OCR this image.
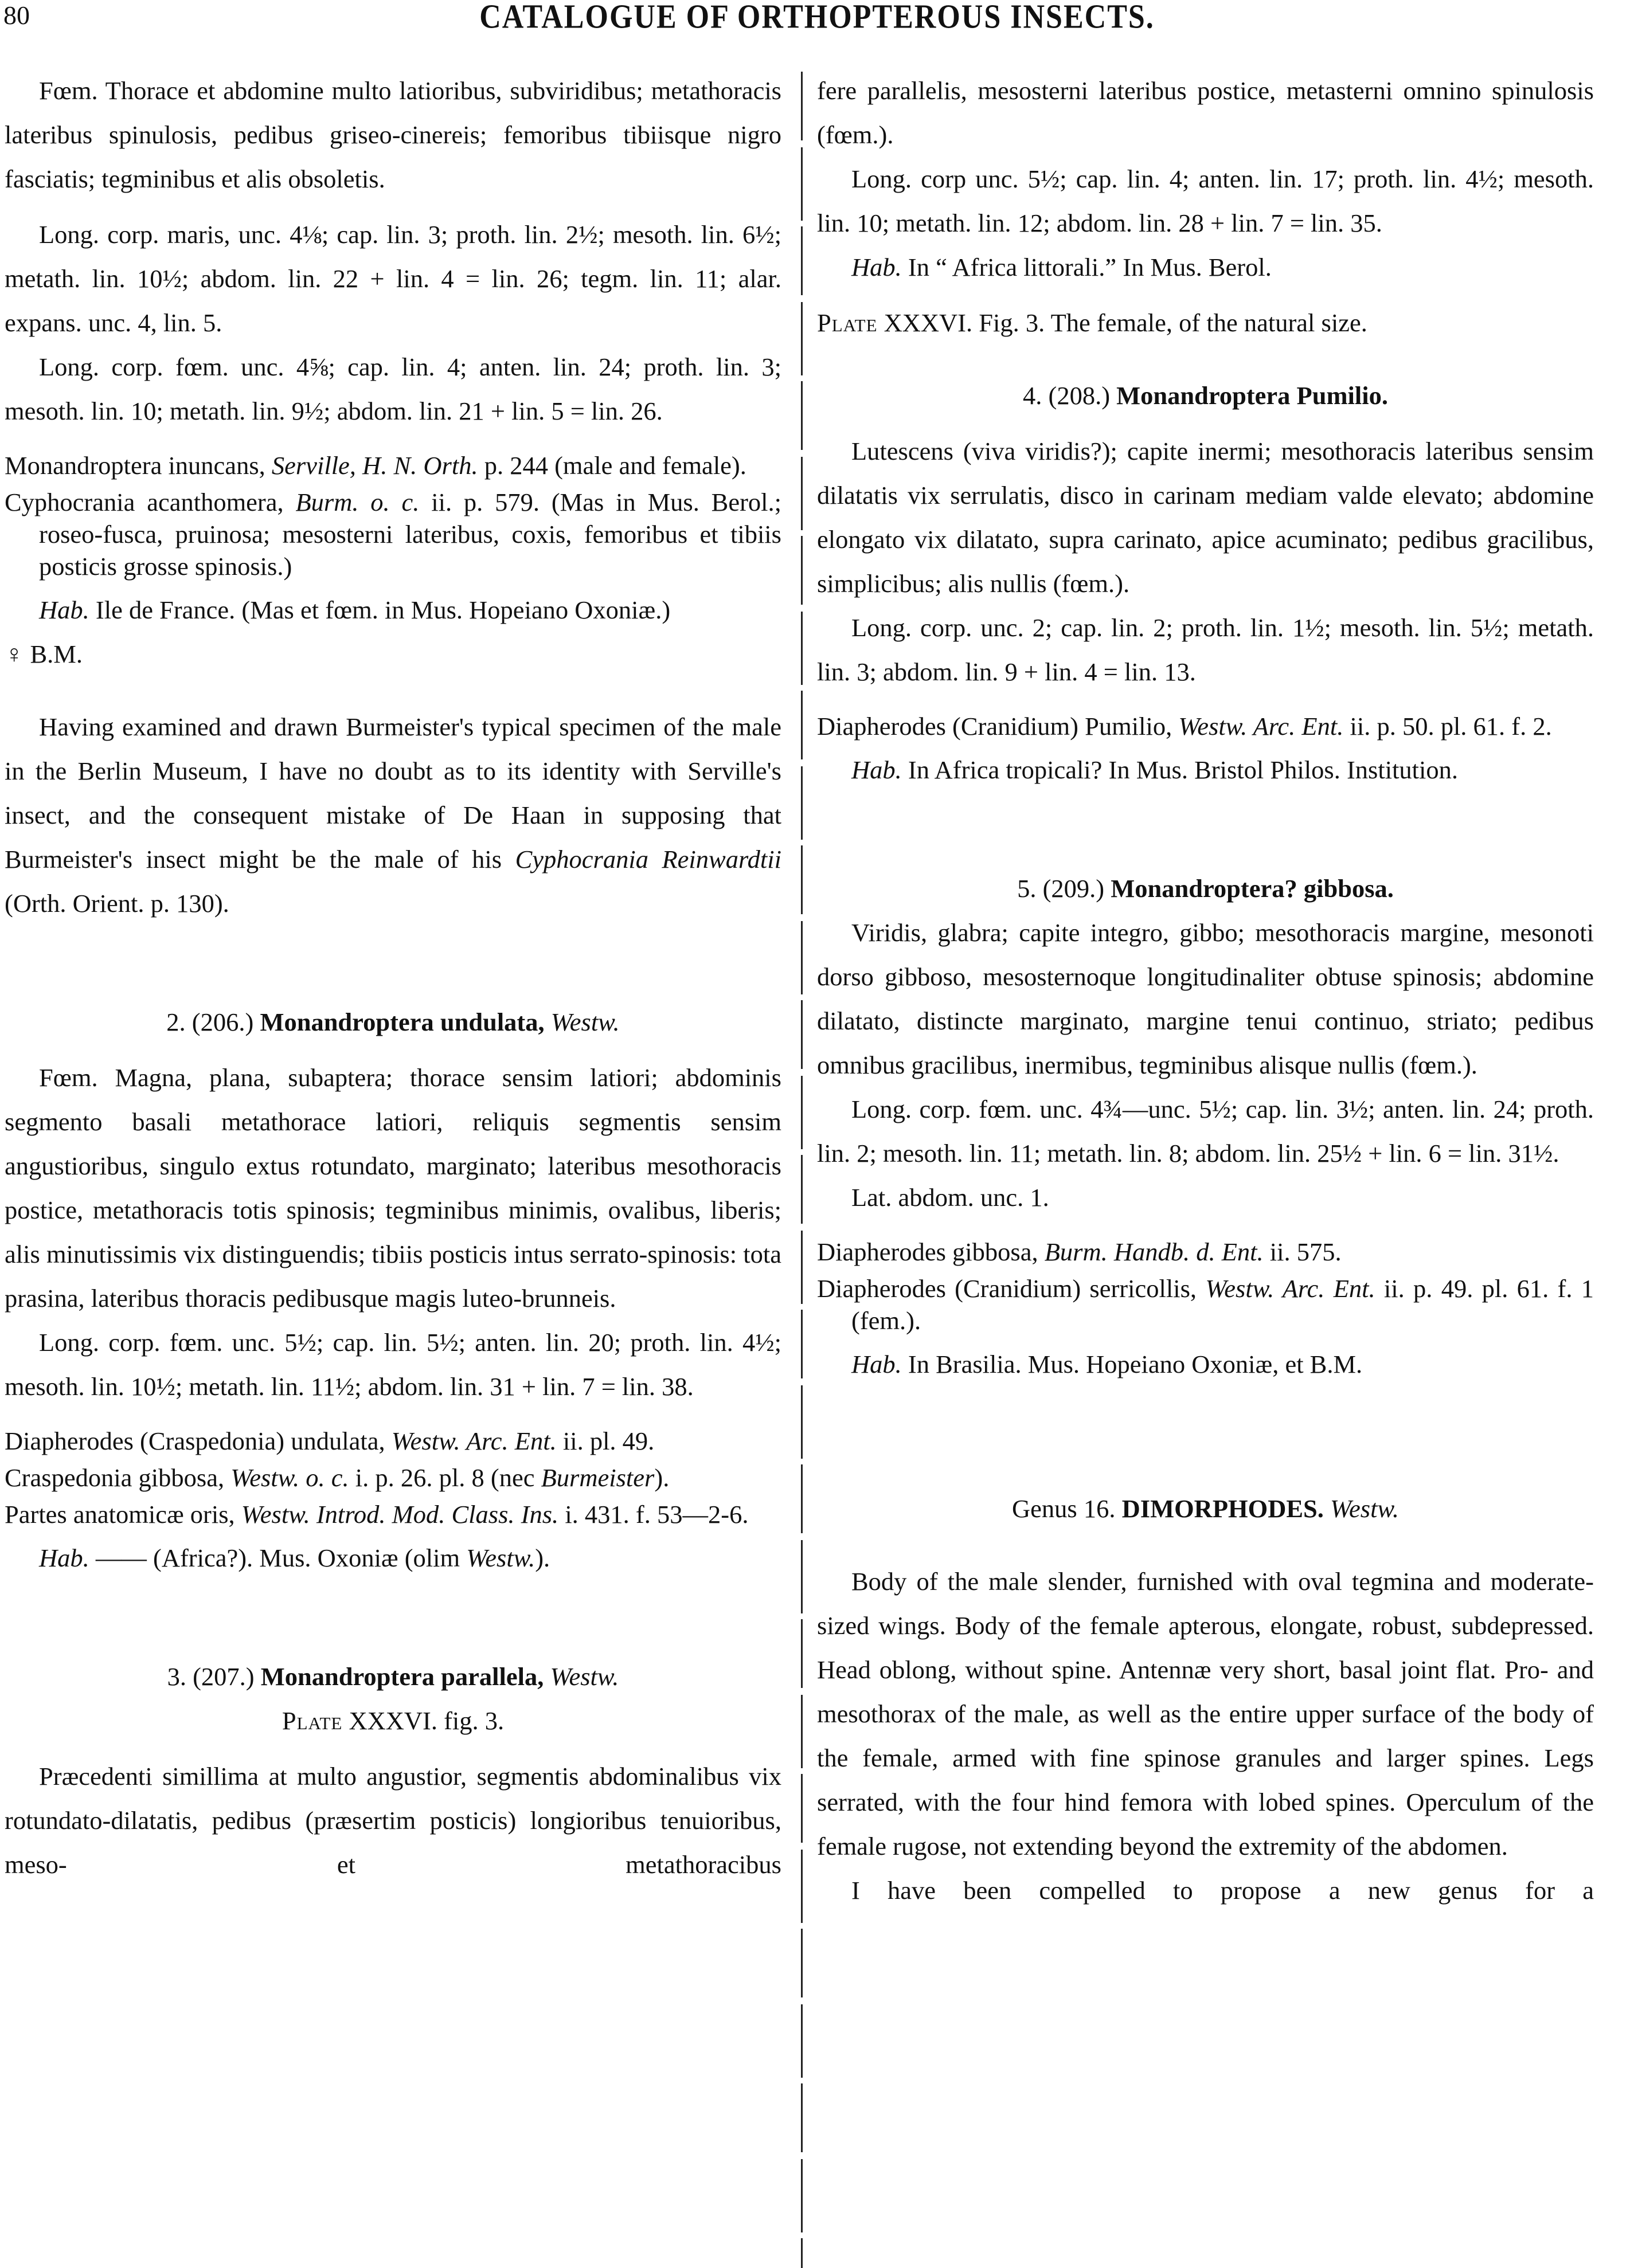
80	CATALOGUE OF ORTHOPTEROUS INSECTS.

Fœm. Thorace et abdomine multo latioribus, subviridibus; metathoracis lateribus spinulosis, pedibus griseo-cinereis; femoribus tibiisque nigro fasciatis; tegminibus et alis obsoletis.

Long. corp. maris, unc. 4⅛; cap. lin. 3; proth. lin. 2½; mesoth. lin. 6½; metath. lin. 10½; abdom. lin. 22 + lin. 4 = lin. 26; tegm. lin. 11; alar. expans. unc. 4, lin. 5.

Long. corp. fœm. unc. 4⅝; cap. lin. 4; anten. lin. 24; proth. lin. 3; mesoth. lin. 10; metath. lin. 9½; abdom. lin. 21 + lin. 5 = lin. 26.

Monandroptera inuncans, Serville, H. N. Orth. p. 244 (male and female).

Cyphocrania acanthomera, Burm. o. c. ii. p. 579. (Mas in Mus. Berol.; roseo-fusca, pruinosa; mesosterni lateribus, coxis, femoribus et tibiis posticis grosse spinosis.)

Hab. Ile de France. (Mas et fœm. in Mus. Hopeiano Oxoniæ.)

♀ B.M.

Having examined and drawn Burmeister's typical specimen of the male in the Berlin Museum, I have no doubt as to its identity with Serville's insect, and the consequent mistake of De Haan in supposing that Burmeister's insect might be the male of his Cyphocrania Reinwardtii (Orth. Orient. p. 130).

2. (206.) Monandroptera undulata, Westw.

Fœm. Magna, plana, subaptera; thorace sensim latiori; abdominis segmento basali metathorace latiori, reliquis segmentis sensim angustioribus, singulo extus rotundato, marginato; lateribus mesothoracis postice, metathoracis totis spinosis; tegminibus minimis, ovalibus, liberis; alis minutissimis vix distinguendis; tibiis posticis intus serrato-spinosis: tota prasina, lateribus thoracis pedibusque magis luteo-brunneis.

Long. corp. fœm. unc. 5½; cap. lin. 5½; anten. lin. 20; proth. lin. 4½; mesoth. lin. 10½; metath. lin. 11½; abdom. lin. 31 + lin. 7 = lin. 38.

Diapherodes (Craspedonia) undulata, Westw. Arc. Ent. ii. pl. 49.

Craspedonia gibbosa, Westw. o. c. i. p. 26. pl. 8 (nec Burmeister).

Partes anatomicæ oris, Westw. Introd. Mod. Class. Ins. i. 431. f. 53—2-6.

Hab. —— (Africa?). Mus. Oxoniæ (olim Westw.).

3. (207.) Monandroptera parallela, Westw.

Plate XXXVI. fig. 3.

Præcedenti simillima at multo angustior, segmentis abdominalibus vix rotundato-dilatatis, pedibus (præsertim posticis) longioribus tenuioribus, meso- et metathoracibus

fere parallelis, mesosterni lateribus postice, metasterni omnino spinulosis (fœm.).

Long. corp unc. 5½; cap. lin. 4; anten. lin. 17; proth. lin. 4½; mesoth. lin. 10; metath. lin. 12; abdom. lin. 28 + lin. 7 = lin. 35.

Hab. In “ Africa littorali.” In Mus. Berol.

Plate XXXVI. Fig. 3. The female, of the natural size.

4. (208.) Monandroptera Pumilio.

Lutescens (viva viridis?); capite inermi; mesothoracis lateribus sensim dilatatis vix serrulatis, disco in carinam mediam valde elevato; abdomine elongato vix dilatato, supra carinato, apice acuminato; pedibus gracilibus, simplicibus; alis nullis (fœm.).

Long. corp. unc. 2; cap. lin. 2; proth. lin. 1½; mesoth. lin. 5½; metath. lin. 3; abdom. lin. 9 + lin. 4 = lin. 13.

Diapherodes (Cranidium) Pumilio, Westw. Arc. Ent. ii. p. 50. pl. 61. f. 2.

Hab. In Africa tropicali? In Mus. Bristol Philos. Institution.

5. (209.) Monandroptera? gibbosa.

Viridis, glabra; capite integro, gibbo; mesothoracis margine, mesonoti dorso gibboso, mesosternoque longitudinaliter obtuse spinosis; abdomine dilatato, distincte marginato, margine tenui continuo, striato; pedibus omnibus gracilibus, inermibus, tegminibus alisque nullis (fœm.).

Long. corp. fœm. unc. 4¾—unc. 5½; cap. lin. 3½; anten. lin. 24; proth. lin. 2; mesoth. lin. 11; metath. lin. 8; abdom. lin. 25½ + lin. 6 = lin. 31½.

Lat. abdom. unc. 1.

Diapherodes gibbosa, Burm. Handb. d. Ent. ii. 575.

Diapherodes (Cranidium) serricollis, Westw. Arc. Ent. ii. p. 49. pl. 61. f. 1 (fem.).

Hab. In Brasilia. Mus. Hopeiano Oxoniæ, et B.M.

Genus 16. DIMORPHODES. Westw.

Body of the male slender, furnished with oval tegmina and moderate-sized wings. Body of the female apterous, elongate, robust, subdepressed. Head oblong, without spine. Antennæ very short, basal joint flat. Pro- and mesothorax of the male, as well as the entire upper surface of the body of the female, armed with fine spinose granules and larger spines. Legs serrated, with the four hind femora with lobed spines. Operculum of the female rugose, not extending beyond the extremity of the abdomen.

I have been compelled to propose a new genus for a
